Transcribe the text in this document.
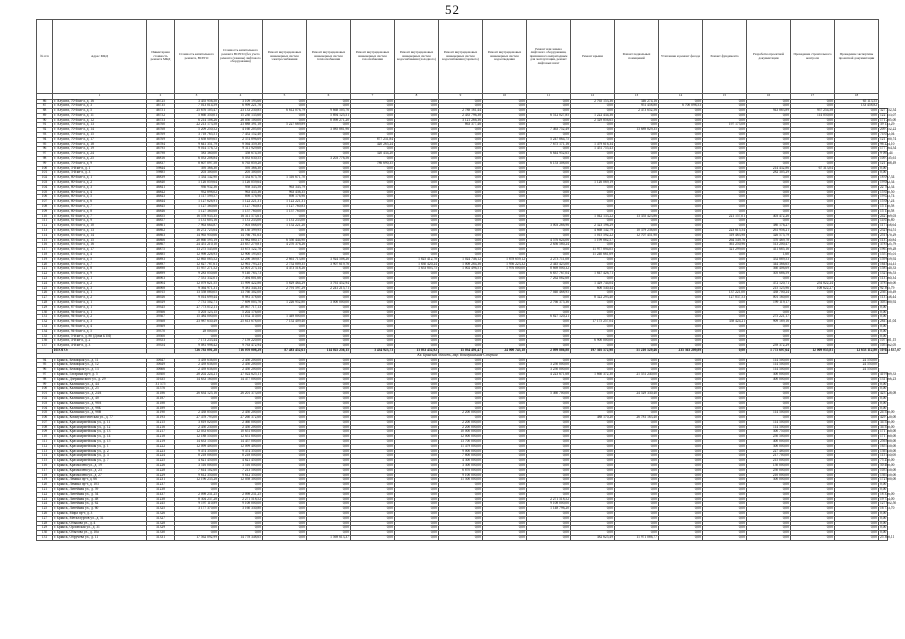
52
№ п/п	Адрес МКД	Инвентарная стоимость ремонта МКД	Стоимость капитального ремонта, ВСЕГО	Стоимость капитального ремонта ВСЕГО (без учета ремонта (замены) лифтового оборудования)	Ремонт внутридомовых инженерных систем электроснабжения	Ремонт внутридомовых инженерных систем теплоснабжения	Ремонт внутридомовых инженерных систем газоснабжения	Ремонт внутридомовых инженерных систем водоснабжения (холодного)	Ремонт внутридомовых инженерных систем водоснабжения (горячего)	Ремонт внутридомовых инженерных систем водоотведения	Ремонт или замена лифтового оборудования, признанного непригодным для эксплуатации, ремонт лифтовых шахт	Ремонт крыши	Ремонт подвальных помещений	Утепление и ремонт фасада	Ремонт фундамента	Разработка проектной документации	Проведение строительного контроля	Проведение экспертизы проектной документации	
	1	2	3	4	5	6	7	8	9	10	11	12	13	14	15	16	17	18	
86	г. Алушта, 70-й кв-л, д. 16	46725	3 455 956,50	3 109 193,66	0,00	0,00	0,00	0,00	0,00	0,00	0,00	2 765 153,36	346 274,16	0,00	0,00	0,00	0,00	65 113,55	
87	г. Алушта, 70-й кв-л, д. 3	46735	7 013 014,59	6 999 221,76	0,00	0,00	0,00	0,00	0,00	0,00	0,00	0,00	951 458,80	6 700 098,53	0,00	0,00	0,00	133 458,82	
88	г. Алушта, 70-й кв-л, д. 5	46751	25 676 105,47	23 133 230,85	6 612 076,79	9 668 505,76	0,00	0,00	2 788 161,44	0,00	0,00	0,00	2 473 652,56	0,00	0,00	943 883,89	957 254,58	0,00	327 752,34
89	г. Алушта, 70-й кв-л, д. 11	46752	5 660 350,01	15 230 135,60	0,00	5 894 125,51	0,00	0,00	2 435 796,38	0,00	6 512 027,85	1 222 434,36	0,00	0,00	0,00	0,00	114 050,00	0,00	122 153,07
90	г. Алушта, 70-й кв-л, д. 12	46753	6 214 108,26	28 050 100,00	0,00	8 098 271,20	0,00	0,00	3 121 266,36	0,00	0,00	2 329 856,65	0,00	0,00	0,00	0,00	0,00	0,00	171 285,00
91	г. Алушта, 70-й кв-л, д. 13	46760	22 213 173,58	23 888 391,18	5 227 669,89	0,00	0,00	0,00	863 377,46	0,00	0,00	0,00	0,00	0,00	197 175,08	0,00	0,00	0,00	39 133,29
92	г. Алушта, 70-й кв-л, д. 14	46768	5 209 250,52	4 160 205,00	0,00	3 085 881,96	0,00	0,00	0,00	0,00	7 463 752,49	0,00	13 689 829,35	0,00	0,00	0,00	0,00	0,00	209 752,22
93	г. Алушта, 70-й кв-л, д. 15	46769	3 718 765,51	7 452 152,40	0,00	0,00	0,00	0,00	0,00	0,00	0,00	0,00	0,00	0,00	0,00	0,00	0,00	0,00	74 052,04
94	г. Алушта, 70-й кв-л, д. 17	46769	3 658 609,65	2 374 896,69	0,00	0,00	877 231,84	0,00	0,00	0,00	5 247 864,75	0,00	0,00	0,00	0,00	0,00	0,00	0,00	121 180,74
95	г. Алушта, 70-й кв-л, д. 18	46784	9 641 351,79	9 564 359,30	0,00	0,00	420 265,24	0,00	0,00	0,00	7 675 171,16	1 479 616,34	0,00	0,00	0,00	0,00	0,00	0,00	96 224,10
96	г. Алушта, 70-й кв-л, д. 19	46795	9 014 176,72	9 311 929,68	0,00	0,00	0,00	0,00	0,00	0,00	0,00	1 451 755,43	0,00	0,00	0,00	0,00	0,00	0,00	177 764,34
97	г. Алушта, 70-й кв-л, д. 24	46798	583 360,00	358 674,50	0,00	0,00	320 434,20	0,00	0,00	0,00	6 644 952,65	0,00	0,00	0,00	0,00	0,00	0,00	0,00	9 095,44
98	г. Алушта, 70-й кв-л, д. 25	46816	6 033 208,84	6 035 630,55	0,00	3 203 776,56	0,00	0,00	0,00	0,00	0,00	0,00	0,00	0,00	0,00	0,00	0,00	0,00	109 735,61
99	г. Алушта, 70-й кв-л, д. 9	46837	8 607 097,58	6 765 859,20	0,00	0,00	786 690,35	0,00	0,00	0,00	6 153 308,00	0,00	0,00	0,00	0,00	0,00	0,00	0,00	121 188,49
100	г. Алушта, 3-й кв-л, д. 1	59844	395 366,30	595 366,30	0,00	0,00	0,00	0,00	0,00	0,00	0,00	0,00	0,00	0,00	0,00	214 432,86	67 313,04	0,00	0,00
101	г. Алушта, 3-й кв-л, д. 3	59885	203 300,00	205 300,00	0,00	0,00	0,00	0,00	0,00	0,00	0,00	0,00	0,00	0,00	0,00	282 305,29	0,00	0,00	0,00
102	г. Алушта, 80-й кв-л, д. 1	46839	1 334 142,90	1 334 675,70	1 316 671,70	0,00	0,00	0,00	0,00	0,00	0,00	0,00	0,00	0,00	0,00	0,00	0,00	0,00	18 097,34
103	г. Алушта, 80-й кв-л, д. 2	46840	1 126 059,64	1 126 059,64	0,00	0,00	0,00	0,00	0,00	0,00	0,00	1 126 069,19	0,00	0,00	0,00	0,00	0,00	0,00	19 002,34
104	г. Алушта, 80-й кв-л, д. 3	46841	936 932,36	958 343,58	963 343,79	0,00	0,00	0,00	0,00	0,00	0,00	0,00	0,00	0,00	0,00	0,00	0,00	0,00	22 782,34
105	г. Алушта, 80-й кв-л, д. 4	46842	932 898,02	963 435,36	963 436,35	0,00	0,00	0,00	0,00	0,00	0,00	0,00	0,00	0,00	0,00	0,00	0,00	0,00	15 050,50
106	г. Алушта, 80-й кв-л, д. 5	46843	1 117 599,57	898 176,96	898 176,96	0,00	0,00	0,00	0,00	0,00	0,00	0,00	0,00	0,00	0,00	0,00	0,00	0,00	19 023,74
107	г. Алушта, 80-й кв-л, д. 6	46844	1 127 626,91	1 122 221,31	1 122 221,31	0,00	0,00	0,00	0,00	0,00	0,00	0,00	0,00	0,00	0,00	0,00	0,00	0,00	15 087,24
108	г. Алушта, 80-й кв-л, д. 7	46845	1 127 360,68	1 127 760,83	1 127 760,83	0,00	0,00	0,00	0,00	0,00	0,00	0,00	0,00	0,00	0,00	0,00	0,00	0,00	15 110,58
109	г. Алушта, 80-й кв-л, д. 8	46846	1 127 360,68	1 157 760,00	1 157 760,00	0,00	0,00	0,00	0,00	0,00	0,00	0,00	0,00	0,00	0,00	0,00	0,00	0,00	15 110,58
110	г. Алушта, 81-й кв-л, д. 7	46855	16 578 935,35	16 311 573,61	0,00	0,00	0,00	0,00	0,00	0,00	0,00	1 042 133,22	13 355 423,86	0,00	221 157,01	403 472,26	0,00	0,00	242 369,03
111	г. Алушта, 81-й кв-л, д. 9	46857	1 131 603,16	1 131 233,00	1 131 233,00	0,00	0,00	0,00	0,00	0,00	0,00	0,00	0,00	0,00	0,00	0,00	0,00	0,00	14 036,80
112	г. Алушта, 83-й кв-л, д. 10	46861	7 963 664,87	7 003 068,09	1 152 221,20	0,00	0,00	0,00	0,00	0,00	3 003 266,96	2 323 196,29	0,00	0,00	0,00	380 176,27	0,00	0,00	117 458,64
113	г. Алушта, 83-й кв-л, д. 13	46862	16 272 725,64	16 130 399,95	0,00	0,00	0,00	0,00	0,00	0,00	0,00	4 668 142,79	10 379 236,60	0,00	223 615,54	261 956,21	0,00	0,00	232 094,51
114	г. Алушта, 83-й кв-л, д. 14	46863	14 965 950,66	14 766 781,63	0,00	0,00	0,00	0,00	0,00	0,00	0,00	1 015 592,22	12 707 451,90	0,00	319 463,98	326 575,79	0,00	0,00	251 070,29
115	г. Алушта, 83-й кв-л, д. 15	46866	20 860 595,19	13 982 880,17	6 550 444,90	0,00	0,00	0,00	0,00	0,00	4 576 624,06	1 199 882,57	0,00	0,00	264 549,76	370 469,78	0,00	0,00	113 730,84
116	г. Алушта, 83-й кв-л, д. 16	46867	24 451 210,10	23 837 279,81	4 270 376,26	0,00	0,00	0,00	0,00	0,00	2 656 580,24	0,00	0,00	0,00	361 250,96	513 200,47	0,00	0,00	378 825,79
117	г. Алушта, 83-й кв-л, д. 17	46875	13 275 545,08	13 675 122,78	0,00	0,00	0,00	0,00	0,00	0,00	0,00	11 977 894,05	0,00	0,00	321 299,00	411 685,16	0,00	0,00	196 399,28
118	г. Алушта, 83-й кв-л, д. 4	46885	12 998 226,93	12 900 193,65	0,00	0,00	0,00	0,00	0,00	0,00	0,00	11 240 661,69	0,00	0,00	0,00	1,60	0,00	0,00	155 395,01
119	г. Алушта, 83-й кв-л, д. 5	46893	12 865 085,52	12 290 369,87	2 661 713,80	3 924 508,26	0,00	1 825 412,78	1 024 746,12	1 878 659,12	2 273 711,08	0,00	0,00	0,00	0,00	352 889,53	0,00	0,00	159 659,92
120	г. Алушта, 83-й кв-л, д. 7	46897	12 827 787,61	12 961 793,23	2 752 009,35	3 907 619,76	0,00	1 830 420,24	1 008 284,36	1 956 223,32	2 445 423,00	0,00	0,00	0,00	0,00	344 366,65	0,00	0,00	164 034,41
121	г. Алушта, 83-й кв-л, д. 8	46898	11 957 271,52	12 001 273,14	4 473 518,26	0,00	0,00	1 653 803,75	1 002 496,51	1 976 000,00	8 669 000,32	0,00	0,00	0,00	0,00	360 406,69	0,00	0,00	158 440,33
122	г. Алушта, 83-й кв-л, д. 9	46899	9 283 050,68	9 140 783,73	0,00	0,00	0,00	0,00	0,00	0,00	6 837 767,04	1 847 426,71	0,00	0,00	0,00	305 686,59	0,00	0,00	132 496,53
123	г. Алушта, 83-й кв-л, д. 1	46903	7 531 332,01	7 494 801,66	0,00	0,00	0,00	0,00	0,00	0,00	7 262 082,68	0,00	0,00	0,00	0,00	0,00	0,00	0,00	113 360,34
124	г. Алушта, 83-й кв-л, д. 2	46904	12 079 621,55	11 999 422,86	5 829 464,29	3 761 452,94	0,00	0,00	0,00	0,00	0,00	1 429 744,04	0,00	0,00	0,00	472 120,71	254 822,24	0,00	378 460,00
125	г. Алушта, 83-й кв-л, д. 3	46908	9 364 971,31	9 381 344,34	2 791 597,29	2 241 215,71	0,00	0,00	0,00	0,00	0,00	600 540,44	0,00	0,00	0,00	215 125,96	108 622,27	0,00	92 395,79
126	г. Алушта, 84-й кв-л, д. 1	46915	13 558 080,05	13 760 302,00	0,00	0,00	0,00	0,00	0,00	0,00	7 040 468,95	0,00	0,00	0,00	137 221,00	438 700,24	0,00	0,00	236 750,49
127	г. Алушта, 84-й кв-л, д. 2	46926	9 014 699,44	8 981 378,60	0,00	0,00	0,00	0,00	0,00	0,00	0,00	8 322 293,40	0,00	0,00	127 837,53	001 160,00	0,00	0,00	113 338,44
128	г. Алушта, 85-й кв-л, д. 1	46929	7 731 502,71	7 699 003,76	1 226 952,80	3 000 000,00	0,00	0,00	0,00	0,00	2 766 375,36	0,00	0,00	0,00	0,00	199 119,17	0,00	0,00	303 480,92
129	г. Алушта, 87-й кв-л, д. 1	39345	27 773 012,11	28 067 717,13	0,00	0,00	0,00	0,00	0,00	0,00	0,00	0,00	0,00	0,00	0,00	0,00	0,00	0,00	0,00
130	г. Алушта, 94-й кв-л, д. 1	39366	5 203 123,15	5 202 176,00	0,00	0,00	0,00	0,00	0,00	0,00	0,00	0,00	0,00	0,00	0,00	0,00	0,00	0,00	0,00
131	г. Алушта, 94-й кв-л, д. 2	39367	15 484 000,00	11 052 110,00	1 449 800,00	0,00	0,00	0,00	0,00	0,00	6 827 120,21	0,00	0,00	0,00	0,00	275 221,17	0,00	0,00	0,00
132	г. Алушта, 94-й кв-л, д. 3	39368	23 987 630,49	25 613 678,00	7 152 409,40	0,00	0,00	0,00	0,00	0,00	0,00	17 175 257,04	0,00	0,00	358 424,21	909 189,16	0,00	0,00	284 331,04
133	г. Алушта, 94-й кв-л, д. 4	39369	0,00	0,00	0,00	0,00	0,00	0,00	0,00	0,00	0,00	0,00	0,00	0,00	0,00	0,00	0,00	0,00	0,00
134	г. Алушта, 94-й кв-л, д. 5	39370	28 000,00	0,00	0,00	0,00	0,00	0,00	0,00	0,00	0,00	0,00	0,00	0,00	0,00	0,00	0,00	0,00	0,00
135	г. Алушта, 5-й кв-л, д. 80 (Дома БТИ)	39500	0,00	0,00	0,00	0,00	0,00	0,00	0,00	0,00	0,00	0,00	0,00	0,00	0,00	0,00	0,00	0,00	0,00
136	г. Алушта, 4-й кв-л, д. 2	39353	7 173 233,44	7 159 220,00	0,00	0,00	0,00	0,00	0,00	0,00	0,00	6 900 000,00	0,00	0,00	0,00	0,00	0,00	0,00	107 481,15
137	г. Алушта, 4-й кв-л, д. 3	39354	9 081 998,42	9 763 472,94	0,00	0,00	0,00	0,00	0,00	0,00	0,00	0,00	0,00	0,00	0,00	239 372,29	0,00	0,00	105 462,05
	ИТОГО:		726 792 091,28	716 070 008,29	87 483 452,61	114 025 256,15	3 434 923,73	13 033 452,92	15 034 491,47	24 000 743,18	2 099 886,88	197 305 572,98	51 210 529,46	235 363 209,89	0,00	1 775 697,64	12 009 055,81	12 653 112,80	10 643 837,07
Кв. Брянская область, мкр. Коммунальная-Северная																			
94	г. Брянск, Бежицкая ул., д. 11	30647	3 439 636,00	2 450 200,00	0,00	0,00	0,00	0,00	0,00	0,00	0,00	0,00	0,00	0,00	0,00	114 500,00	0,00	24 550,00	
95	г. Брянск, Бежицкая ул., д. 12	30649	2 439 636,00	2 450 200,00	0,00	0,00	0,00	0,00	0,00	0,00	3 250 000,00	0,00	0,00	0,00	0,00	114 500,00	0,00	24 550,00	
96	г. Брянск, Бежицкая ул., д. 13	30666	2 439 636,00	2 450 200,00	0,00	0,00	0,00	0,00	0,00	0,00	3 250 000,00	0,00	0,00	0,00	0,00	114 500,00	0,00	24 550,00	
97	г. Брянск, Гагарина пр-т, д. 5	30300	28 202 224,21	27 022 625,11	0,00	0,00	0,00	0,00	0,00	0,00	4 223 671,68	1 660 372,30	21 551 240,00	0,00	0,00	300 000,00	0,00	0,00	419 089,33
98	г. Брянск, Дзержинского ул., д. 29	31635	14 633 160,00	14 477 000,00	0,00	0,00	0,00	0,00	0,00	0,00	0,00	0,00	0,00	0,00	0,00	400 000,00	0,00	0,00	131 466,23
99	г. Брянск, Калинина ул., д. 44	31 575	0,00	0,00	0,00	0,00	0,00	0,00	0,00	0,00	0,00	0,00	0,00	0,00	0,00	0,00	0,00	0,00	0,00
100	г. Брянск, Калинина ул., д. 25	31576	0,00	0,00	0,00	0,00	0,00	0,00	0,00	0,00	0,00	0,00	0,00	0,00	0,00	0,00	0,00	0,00	0,00
101	г. Брянск, Калинина ул., д. 24А	31186	26 634 125,16	26 201 373,08	0,00	0,00	0,00	0,00	0,00	0,00	5 460 700,00	0,00	24 529 330,40	0,00	0,00	0,00	0,00	0,00	423 128,08
102	г. Брянск, Калинина ул., д. 40	31187	0,00	0,00	0,00	0,00	0,00	0,00	0,00	0,00	0,00	0,00	0,00	0,00	0,00	0,00	0,00	0,00	0,00
103	г. Брянск, Калинина ул., д. 98А	31188	0,00	0,00	0,00	0,00	0,00	0,00	0,00	0,00	0,00	0,00	0,00	0,00	0,00	0,00	0,00	0,00	0,00
104	г. Брянск, Калинина ул., д. 98Б	31189	0,00	0,00	0,00	0,00	0,00	0,00	0,00	0,00	0,00	0,00	0,00	0,00	0,00	0,00	0,00	0,00	0,00
105	г. Брянск, Калинина ул., д. 98В	31190	2 438 850,00	2 450 200,00	0,00	0,00	0,00	0,00	2 200 000,00	0,00	0,00	0,00	0,00	0,00	0,00	114 500,00	0,00	0,00	24 550,00
106	г. Брянск, Коммунистическая ул., д. 77	31193	27 478 793,00	27 260 372,60	0,00	0,00	0,00	0,00	0,00	0,00	0,00	488 170,20	26 781 163,40	0,00	0,00	0,00	0,00	0,00	429 120,00
107	г. Брянск, Красноармейская ул., д. 11	31215	3 819 020,00	2 460 000,00	0,00	0,00	0,00	0,00	2 200 000,00	0,00	0,00	0,00	0,00	0,00	0,00	114 500,00	0,00	0,00	34 550,00
108	г. Брянск, Красноармейская ул., д. 12	31216	2 450 230,00	2 450 200,00	0,00	0,00	0,00	0,00	2 200 000,00	0,00	0,00	0,00	0,00	0,00	0,00	114 500,00	0,00	0,00	34 550,00
109	г. Брянск, Красноармейская ул., д. 13	31217	12 033 650,00	10 651 800,00	0,00	0,00	0,00	0,00	10 000 000,00	0,00	0,00	0,00	0,00	0,00	0,00	300 750,00	0,00	0,00	171 160,00
110	г. Брянск, Красноармейская ул., д. 14	31218	12 188 550,00	12 651 800,00	0,00	0,00	0,00	0,00	12 000 000,00	0,00	0,00	0,00	0,00	0,00	0,00	250 500,00	0,00	0,00	171 160,00
111	г. Брянск, Красноармейская ул., д. 15	31219	14 633 150,00	14 457 000,00	0,00	0,00	0,00	0,00	13 700 000,00	0,00	0,00	0,00	0,00	0,00	0,00	400 000,00	0,00	0,00	256 800,00
112	г. Брянск, Красноармейская ул., д. 1	31222	12 099 400,00	12 099 400,00	0,00	0,00	0,00	0,00	11 479 000,00	0,00	0,00	0,00	0,00	0,00	0,00	300 000,00	0,00	0,00	165 450,00
113	г. Брянск, Красноармейская ул., д. 2	31223	9 474 350,00	9 474 350,00	0,00	0,00	0,00	0,00	9 000 000,00	0,00	0,00	0,00	0,00	0,00	0,00	227 480,00	0,00	0,00	136 450,00
114	г. Брянск, Красноармейская ул., д. 3	31224	8 218 000,00	8 218 000,00	0,00	0,00	0,00	0,00	7 800 000,00	0,00	0,00	0,00	0,00	0,00	0,00	217 700,00	0,00	0,00	115 450,00
115	г. Брянск, Красноармейская ул., д. 7	31225	4 621 450,00	4 621 450,00	0,00	0,00	0,00	0,00	4 300 000,00	0,00	0,00	0,00	0,00	0,00	0,00	215 000,00	0,00	0,00	75 250,00
116	г. Брянск, Крахмалева ул., д. 19	31226	3 516 000,00	3 516 000,00	0,00	0,00	0,00	0,00	3 300 000,00	0,00	0,00	0,00	0,00	0,00	0,00	150 000,00	0,00	0,00	50 480,00
117	г. Брянск, Крахмалева ул., д. 23	31228	7 614 102,60	7 213 500,00	0,00	0,00	0,00	0,00	6 870 000,00	0,00	0,00	0,00	0,00	0,00	0,00	250 000,00	0,00	0,00	103 450,00
118	г. Брянск, Крахмалева ул., д. 27	31229	9 612 350,00	9 612 350,00	0,00	0,00	0,00	0,00	9 100 000,00	0,00	0,00	0,00	0,00	0,00	0,00	210 000,00	0,00	0,00	136 450,00
119	г. Брянск, Ленина пр-т, д. 66	31231	12 196 235,28	12 058 300,00	0,00	0,00	0,00	0,00	11 500 000,00	0,00	0,00	0,00	0,00	0,00	0,00	300 000,00	0,00	0,00	172 800,00
120	г. Брянск, Ленина пр-т, д. 103	31237	0,00	0,00	0,00	0,00	0,00	0,00	0,00	0,00	0,00	0,00	0,00	0,00	0,00	0,00	0,00	0,00	0,00
121	г. Брянск, Литейная ул., д. 59	31238	0,00	0,00	0,00	0,00	0,00	0,00	0,00	0,00	0,00	0,00	0,00	0,00	0,00	0,00	0,00	0,00	0,00
122	г. Брянск, Литейная ул., д. 54	31437	2 098 231,25	2 098 231,25	0,00	0,00	0,00	0,00	0,00	0,00	0,00	0,00	0,00	0,00	0,00	0,00	0,00	0,00	18 336,00
123	г. Брянск, Литейная ул., д. 48	31238	8 304 237,28	2 271 518,52	0,00	0,00	0,00	0,00	0,00	0,00	2 271 518,52	0,00	0,00	0,00	0,00	0,00	0,00	0,00	19 734,00
124	г. Брянск, Литейная ул., д. 62	31245	9 197 110,89	9 108 000,00	0,00	0,00	0,00	0,00	0,00	0,00	9 108 000,00	0,00	0,00	0,00	0,00	0,00	0,00	0,00	127 802,50
125	г. Брянск, Литейная ул., д. 60	31325	3 177 370,00	3 160 330,80	0,00	0,00	0,00	0,00	0,00	0,00	1 148 796,20	0,00	0,00	0,00	0,00	0,00	0,00	0,00	16 773,70
126	г. Брянск, Мира пр-т, д. 3	31326	0,00	0,00	0,00	0,00	0,00	0,00	0,00	0,00	0,00	0,00	0,00	0,00	0,00	0,00	0,00	0,00	0,00
127	г. Брянск, Металлургов ул., д. 51	31327	0,00	0,00	0,00	0,00	0,00	0,00	0,00	0,00	0,00	0,00	0,00	0,00	0,00	0,00	0,00	0,00	0,00
128	г. Брянск, Обыкова ул., д. 4	31328	0,00	0,00	0,00	0,00	0,00	0,00	0,00	0,00	0,00	0,00	0,00	0,00	0,00	0,00	0,00	0,00	0,00
129	г. Брянск, Орловская ул., д. 31	31329	0,00	0,00	0,00	0,00	0,00	0,00	0,00	0,00	0,00	0,00	0,00	0,00	0,00	0,00	0,00	0,00	0,00
130	г. Брянск, Обытова ул., д. 10а	31330	0,00	0,00	0,00	0,00	0,00	0,00	0,00	0,00	0,00	0,00	0,00	0,00	0,00	0,00	0,00	0,00	0,00
131	г. Брянск, Обручева ул., д. 11	31331	17 562 092,99	14 778 348,65	0,00	1 569 613,37	0,00	0,00	0,00	0,00	0,00	382 625,49	11 971 086,77	0,00	0,00	0,00	0,00	0,00	25 308,11
